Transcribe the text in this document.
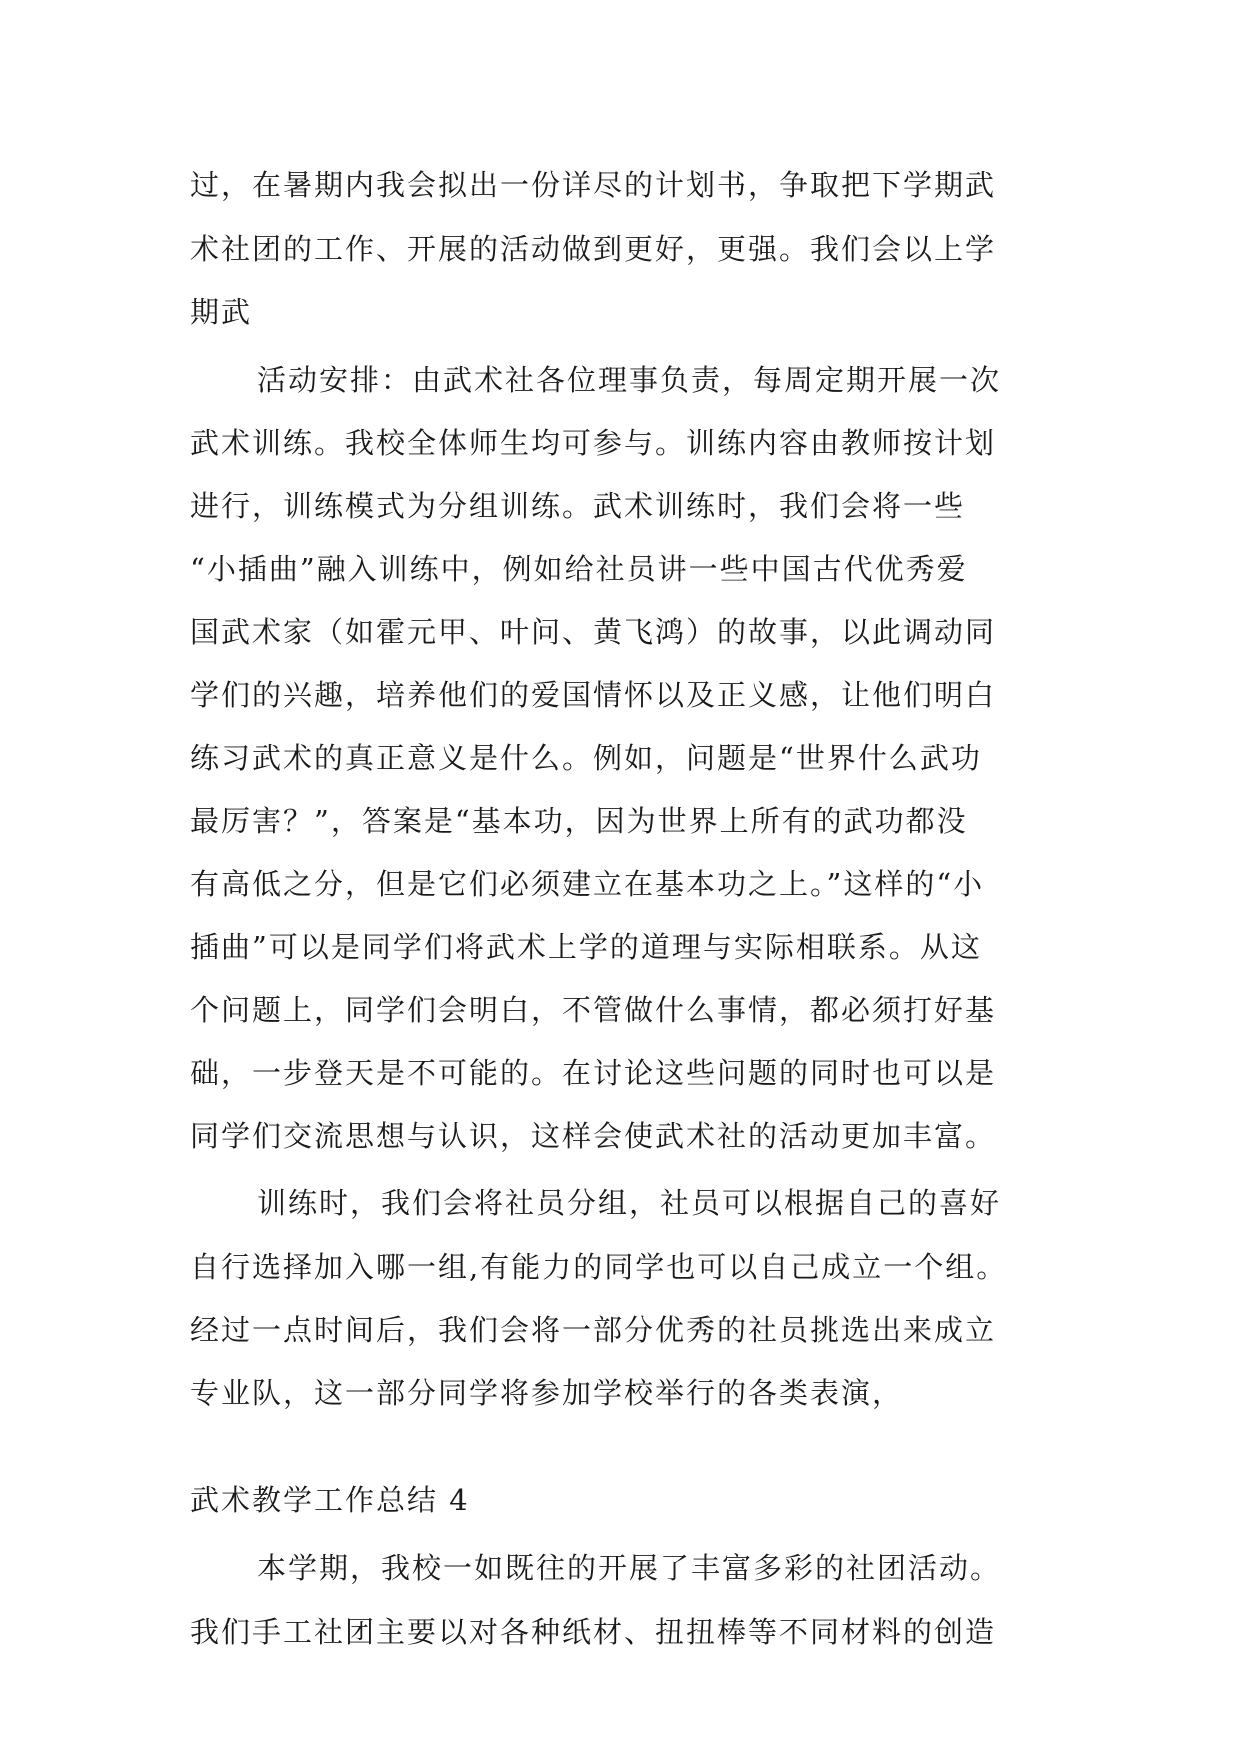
过，在暑期内我会拟出一份详尽的计划书，争取把下学期武
术社团的工作、开展的活动做到更好，更强。我们会以上学
期武
活动安排：由武术社各位理事负责，每周定期开展一次
武术训练。我校全体师生均可参与。训练内容由教师按计划
进行，训练模式为分组训练。武术训练时，我们会将一些
“小插曲”融入训练中，例如给社员讲一些中国古代优秀爱
国武术家（如霍元甲、叶问、黄飞鸿）的故事，以此调动同
学们的兴趣，培养他们的爱国情怀以及正义感，让他们明白
练习武术的真正意义是什么。例如，问题是“世界什么武功
最厉害？”，答案是“基本功，因为世界上所有的武功都没
有高低之分，但是它们必须建立在基本功之上。”这样的“小
插曲”可以是同学们将武术上学的道理与实际相联系。从这
个问题上，同学们会明白，不管做什么事情，都必须打好基
础，一步登天是不可能的。在讨论这些问题的同时也可以是
同学们交流思想与认识，这样会使武术社的活动更加丰富。
训练时，我们会将社员分组，社员可以根据自己的喜好
自行选择加入哪一组,有能力的同学也可以自己成立一个组。
经过一点时间后，我们会将一部分优秀的社员挑选出来成立
专业队，这一部分同学将参加学校举行的各类表演，
武术教学工作总结 4
本学期，我校一如既往的开展了丰富多彩的社团活动。
我们手工社团主要以对各种纸材、扭扭棒等不同材料的创造
